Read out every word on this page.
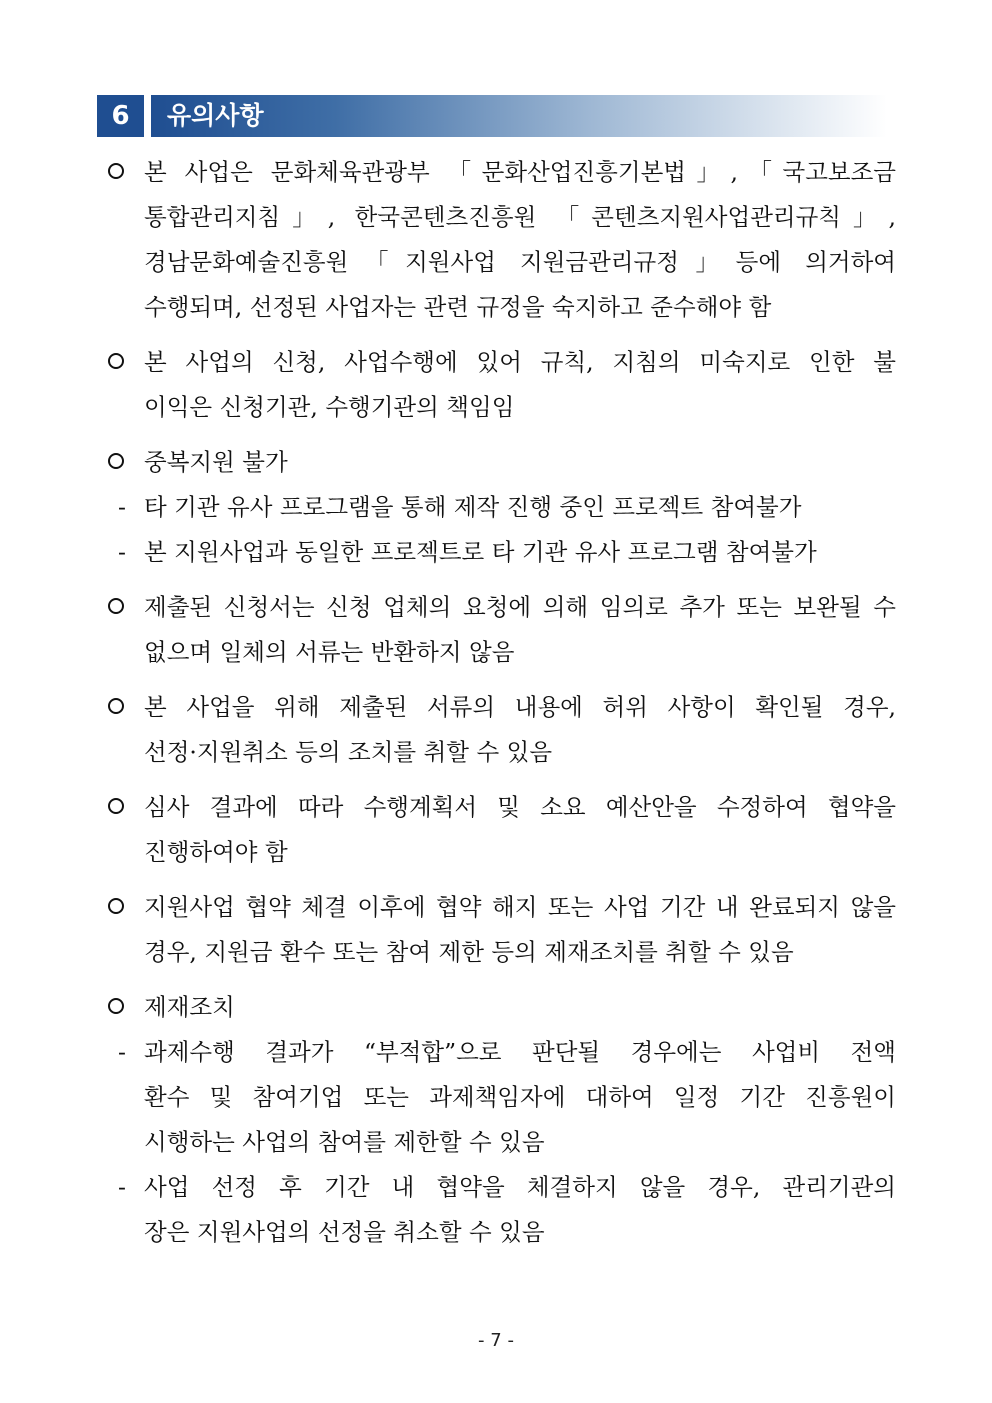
6	유의사항
본 사업은 문화체육관광부 「문화산업진흥기본법」,「국고보조금
통합관리지침」, 한국콘텐츠진흥원 「콘텐츠지원사업관리규칙」,
경남문화예술진흥원「지원사업 지원금관리규정」등에 의거하여
수행되며, 선정된 사업자는 관련 규정을 숙지하고 준수해야 함
본 사업의 신청, 사업수행에 있어 규칙, 지침의 미숙지로 인한 불
이익은 신청기관, 수행기관의 책임임
중복지원 불가
- 타 기관 유사 프로그램을 통해 제작 진행 중인 프로젝트 참여불가
- 본 지원사업과 동일한 프로젝트로 타 기관 유사 프로그램 참여불가
제출된 신청서는 신청 업체의 요청에 의해 임의로 추가 또는 보완될 수
없으며 일체의 서류는 반환하지 않음
본 사업을 위해 제출된 서류의 내용에 허위 사항이 확인될 경우,
선정·지원취소 등의 조치를 취할 수 있음
심사 결과에 따라 수행계획서 및 소요 예산안을 수정하여 협약을
진행하여야 함
지원사업 협약 체결 이후에 협약 해지 또는 사업 기간 내 완료되지 않을
경우, 지원금 환수 또는 참여 제한 등의 제재조치를 취할 수 있음
제재조치
- 과제수행 결과가 “부적합”으로 판단될 경우에는 사업비 전액
환수 및 참여기업 또는 과제책임자에 대하여 일정 기간 진흥원이
시행하는 사업의 참여를 제한할 수 있음
- 사업 선정 후 기간 내 협약을 체결하지 않을 경우, 관리기관의
장은 지원사업의 선정을 취소할 수 있음
- 7 -
